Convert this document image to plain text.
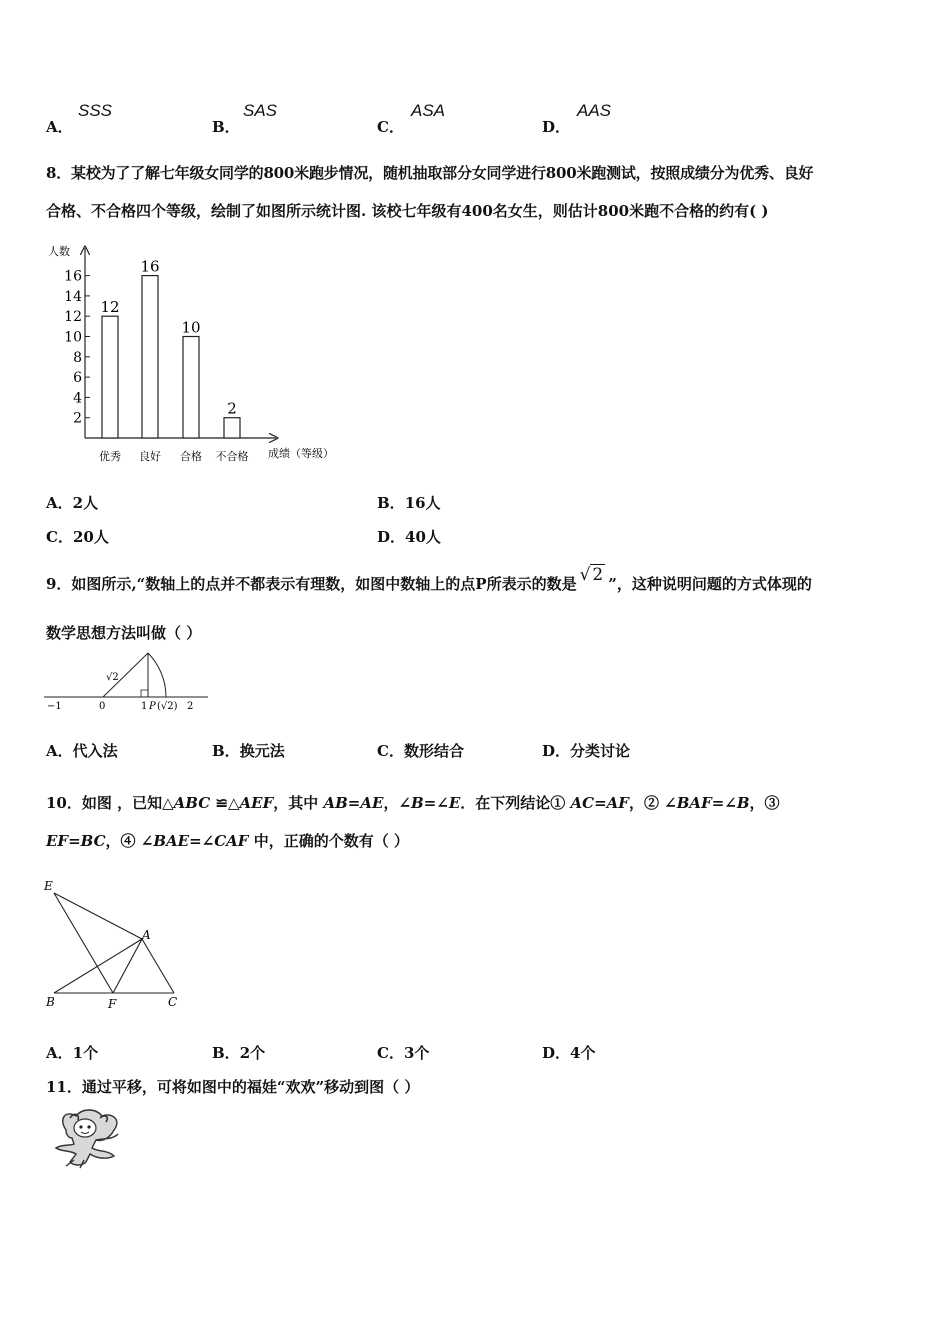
A．
SSS
B．
SAS
C．
ASA
D．
AAS
8．某校为了了解七年级女同学的800米跑步情况，随机抽取部分女同学进行800米跑测试，按照成绩分为优秀、良好
合格、不合格四个等级，绘制了如图所示统计图. 该校七年级有400名女生，则估计800米跑不合格的约有( )
人数
成绩（等级）
2
4
6
8
10
12
14
16
12
优秀
16
良好
10
合格
2
不合格
A．2人	B．16人
C．20人	D．40人
9．如图所示,“数轴上的点并不都表示有理数，如图中数轴上的点P所表示的数是 √ 2 ”，这种说明问题的方式体现的
数学思想方法叫做（ ）
√2
−1	0	1 P (√2) 2
A．代入法	B．换元法	C．数形结合	D．分类讨论
10．如图 ，已知△ABC ≌△AEF，其中 AB=AE，∠B=∠E．在下列结论① AC=AF，② ∠BAF=∠B，③
EF=BC，④ ∠BAE=∠CAF 中，正确的个数有（ ）
E
A
B	F	C
A．1个	B．2个	C．3个	D．4个
11．通过平移，可将如图中的福娃“欢欢”移动到图（ ）
